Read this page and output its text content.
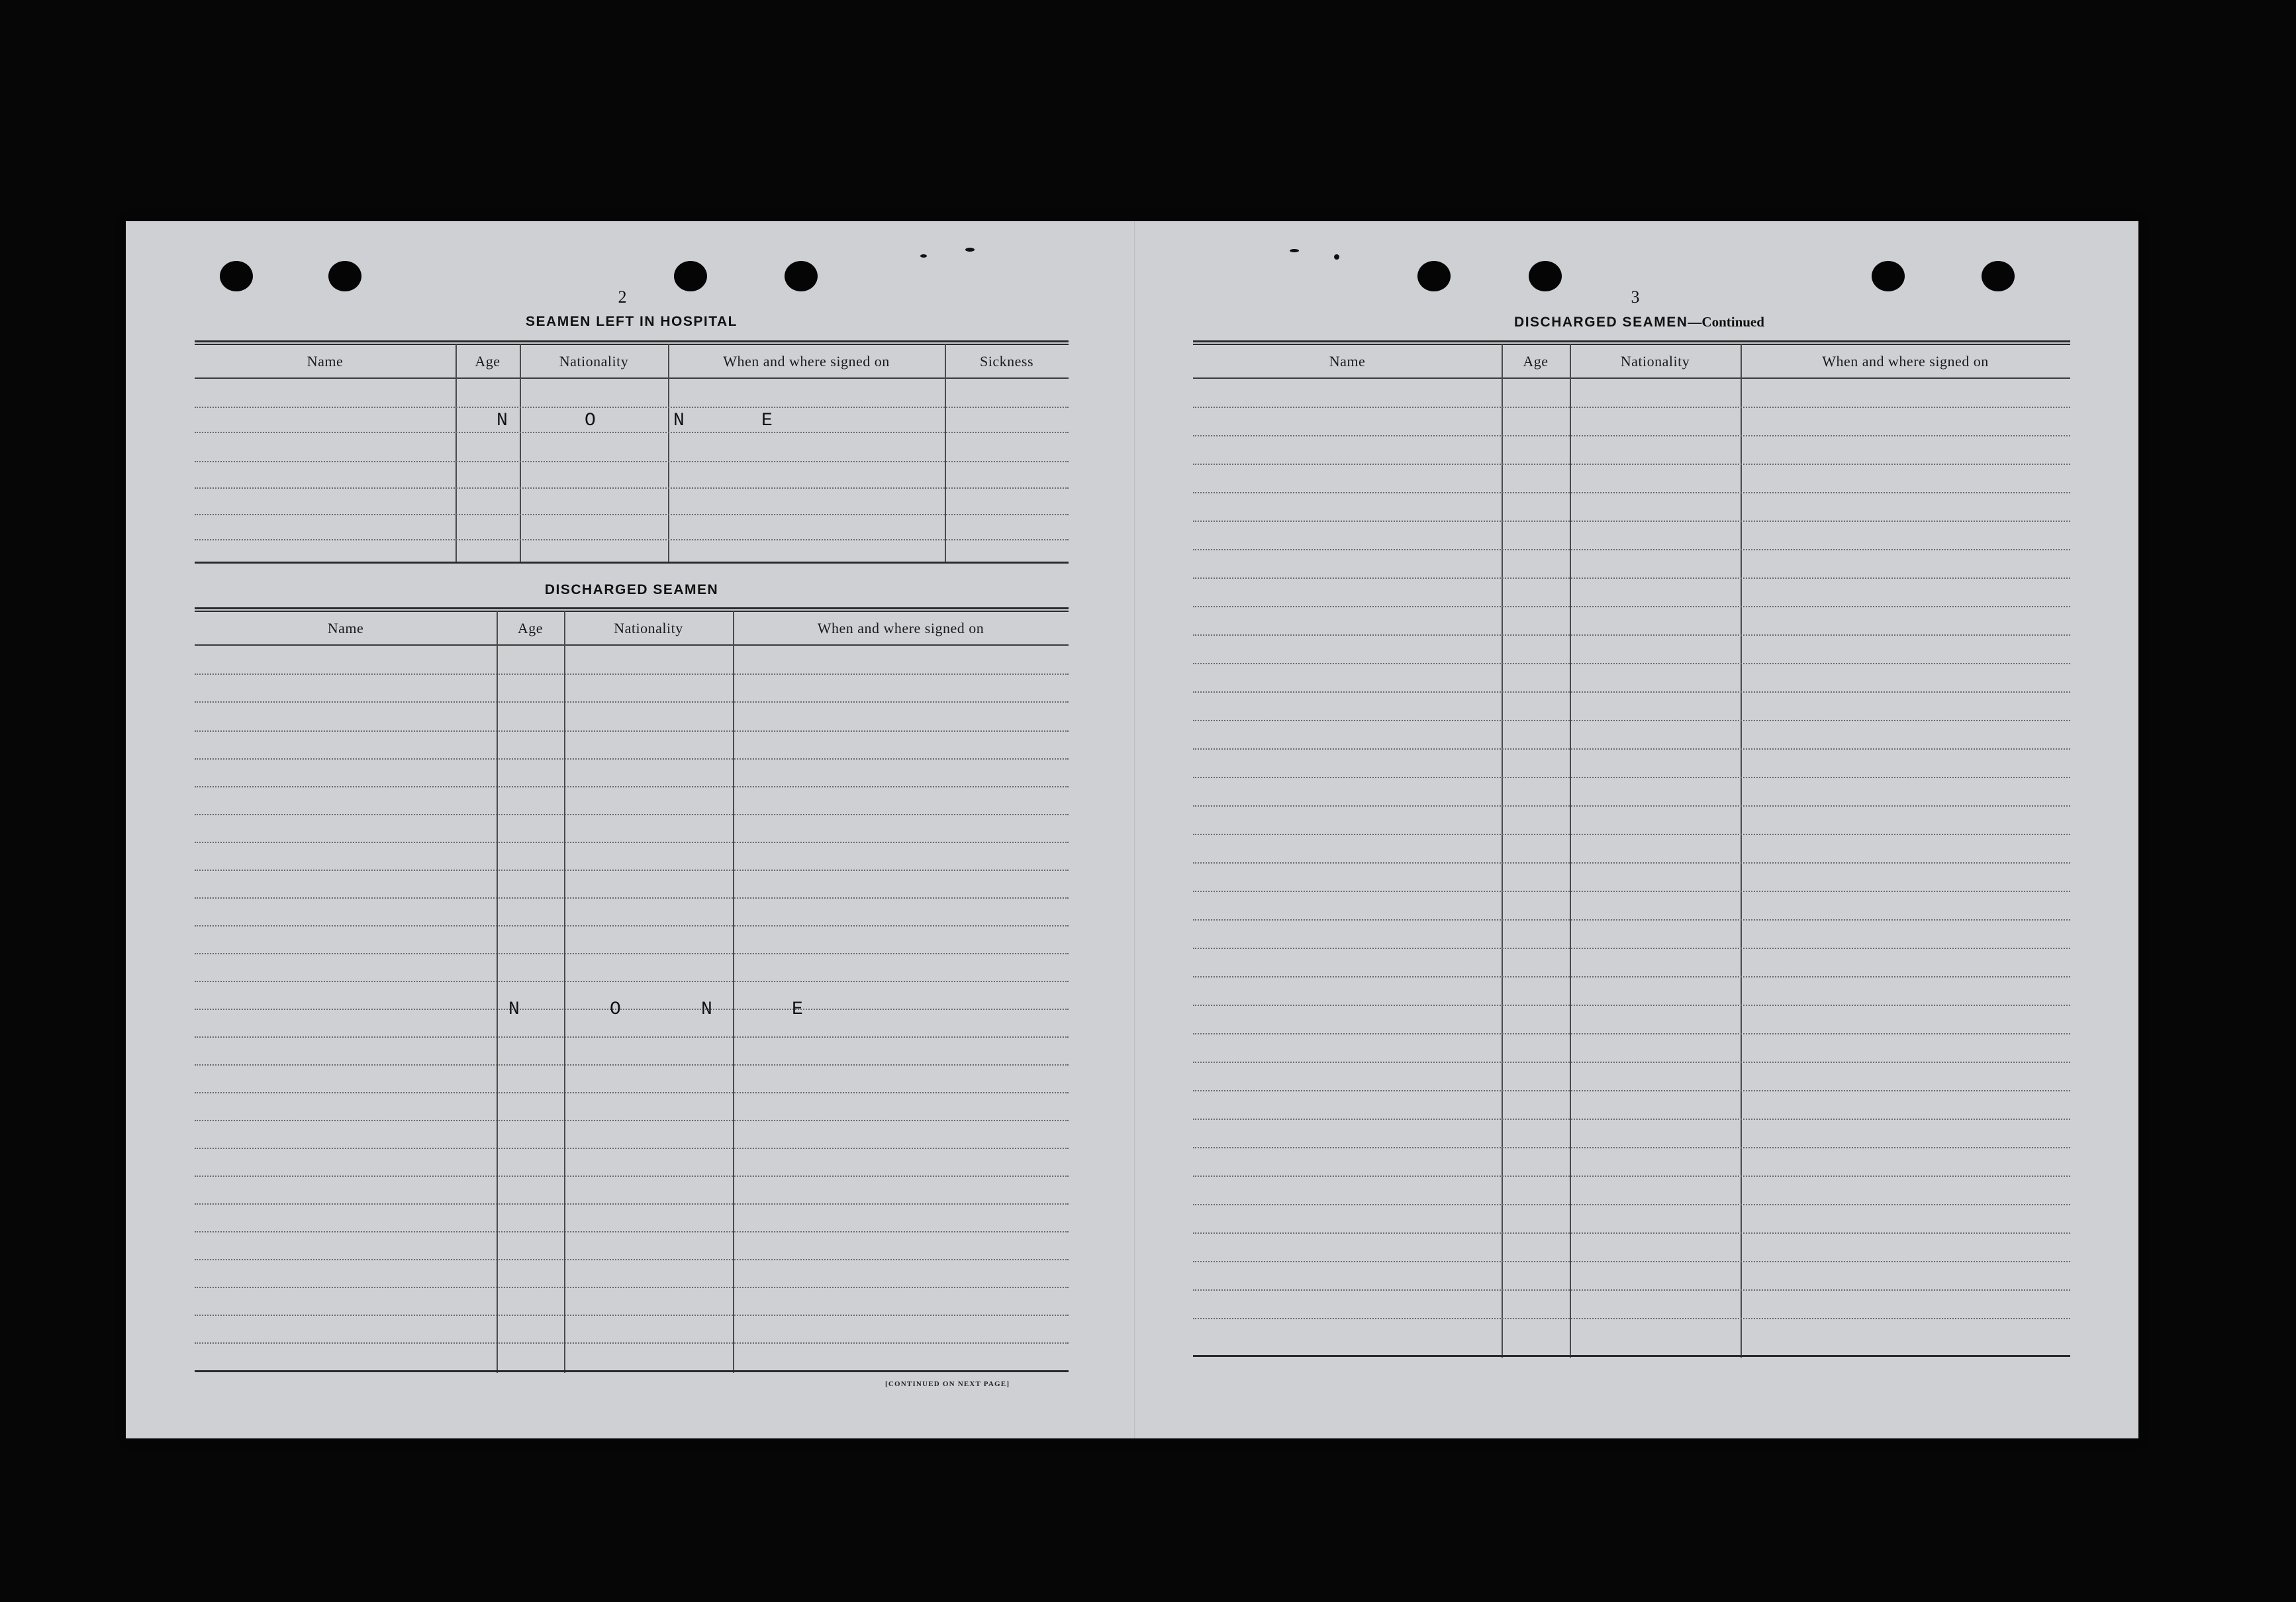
2
SEAMEN LEFT IN HOSPITAL
Name	Age	Nationality	When and where signed on	Sickness
N	O	N	E
DISCHARGED SEAMEN
Name	Age	Nationality	When and where signed on
N	O	N	E
[CONTINUED ON NEXT PAGE]
3
DISCHARGED SEAMEN—Continued
Name	Age	Nationality	When and where signed on
